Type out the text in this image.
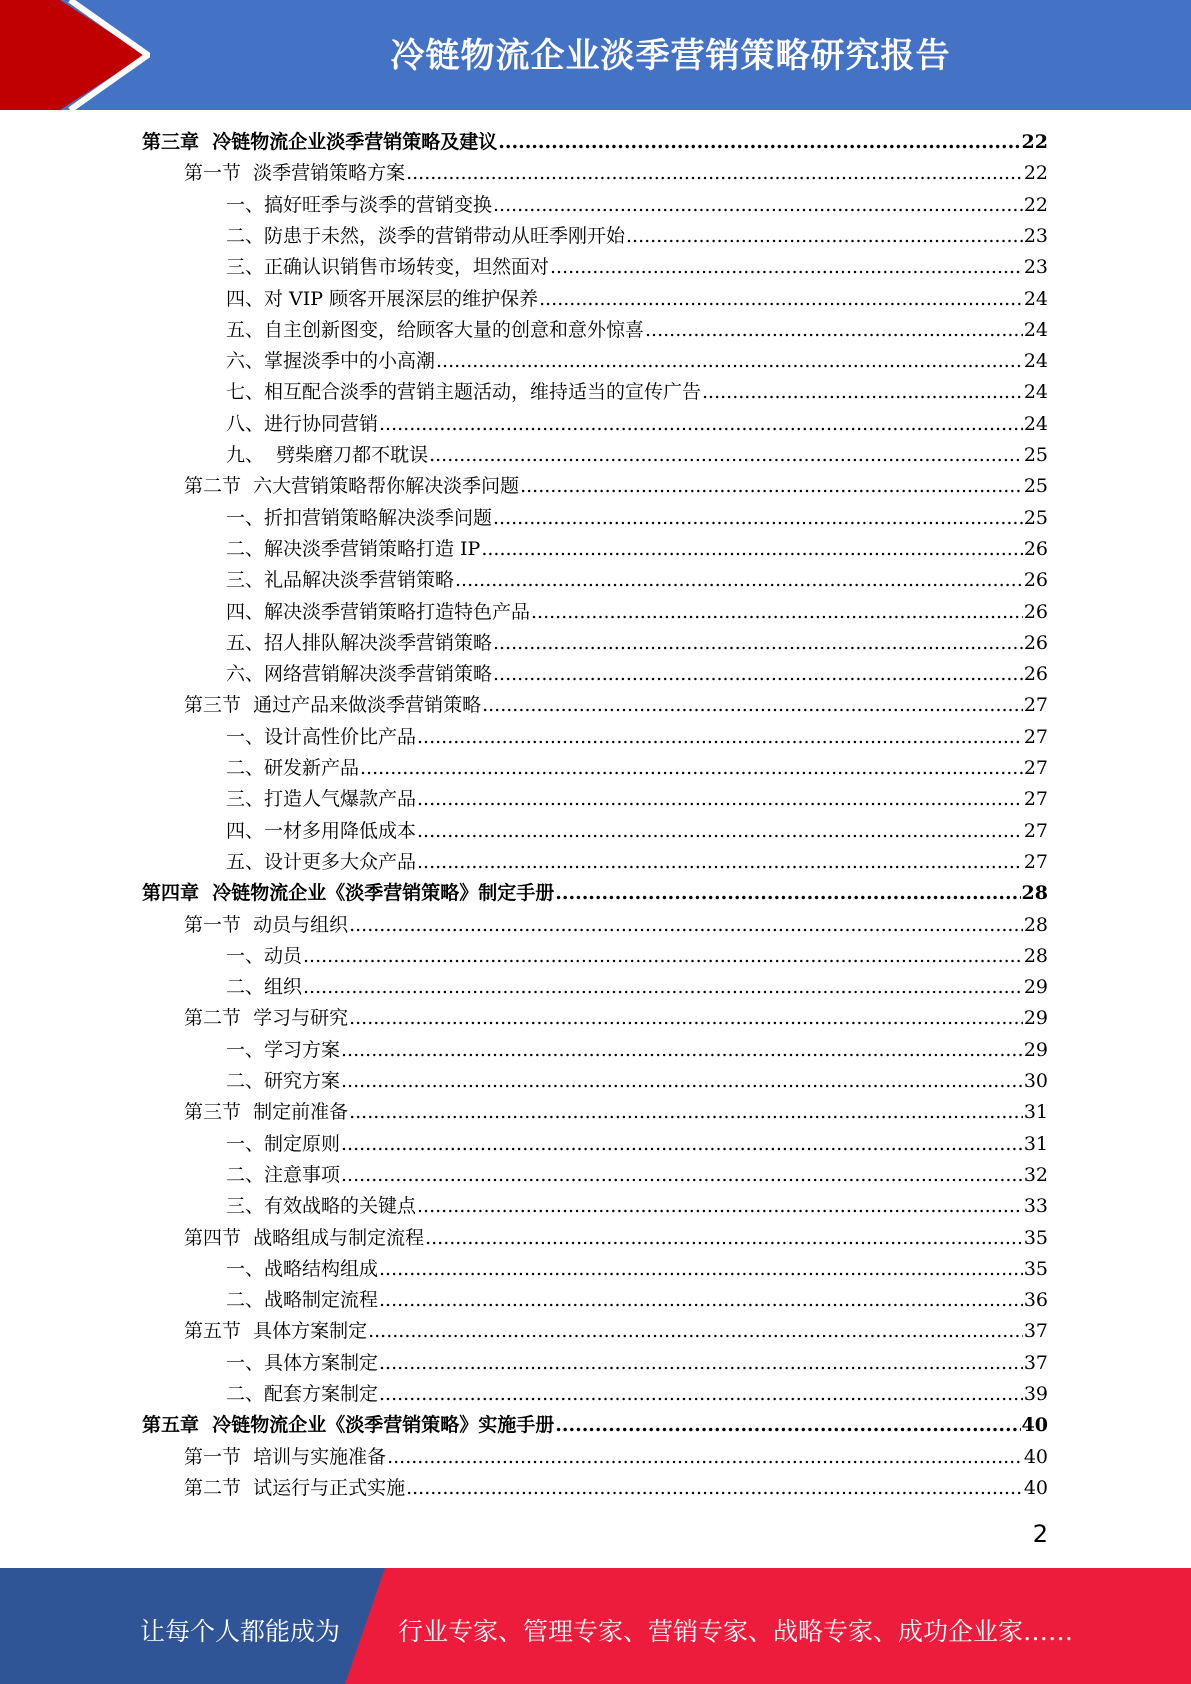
冷链物流企业淡季营销策略研究报告
第三章  冷链物流企业淡季营销策略及建议 .....	22
第一节  淡季营销策略方案 .....	22
一、搞好旺季与淡季的营销变换 .....	22
二、防患于未然，淡季的营销带动从旺季刚开始 .....	23
三、正确认识销售市场转变，坦然面对 .....	23
四、对 VIP 顾客开展深层的维护保养 .....	24
五、自主创新图变，给顾客大量的创意和意外惊喜 .....	24
六、掌握淡季中的小高潮 .....	24
七、相互配合淡季的营销主题活动，维持适当的宣传广告 .....	24
八、进行协同营销 .....	24
九、  劈柴磨刀都不耽误 .....	25
第二节  六大营销策略帮你解决淡季问题 .....	25
一、折扣营销策略解决淡季问题 .....	25
二、解决淡季营销策略打造 IP .....	26
三、礼品解决淡季营销策略 .....	26
四、解决淡季营销策略打造特色产品 .....	26
五、招人排队解决淡季营销策略 .....	26
六、网络营销解决淡季营销策略 .....	26
第三节  通过产品来做淡季营销策略 .....	27
一、设计高性价比产品 .....	27
二、研发新产品 .....	27
三、打造人气爆款产品 .....	27
四、一材多用降低成本 .....	27
五、设计更多大众产品 .....	27
第四章  冷链物流企业《淡季营销策略》制定手册 .....	28
第一节  动员与组织 .....	28
一、动员 .....	28
二、组织 .....	29
第二节  学习与研究 .....	29
一、学习方案 .....	29
二、研究方案 .....	30
第三节  制定前准备 .....	31
一、制定原则 .....	31
二、注意事项 .....	32
三、有效战略的关键点 .....	33
第四节  战略组成与制定流程 .....	35
一、战略结构组成 .....	35
二、战略制定流程 .....	36
第五节  具体方案制定 .....	37
一、具体方案制定 .....	37
二、配套方案制定 .....	39
第五章  冷链物流企业《淡季营销策略》实施手册 .....	40
第一节  培训与实施准备 .....	40
第二节  试运行与正式实施 .....	40
2
让每个人都能成为 行业专家、管理专家、营销专家、战略专家、成功企业家……
